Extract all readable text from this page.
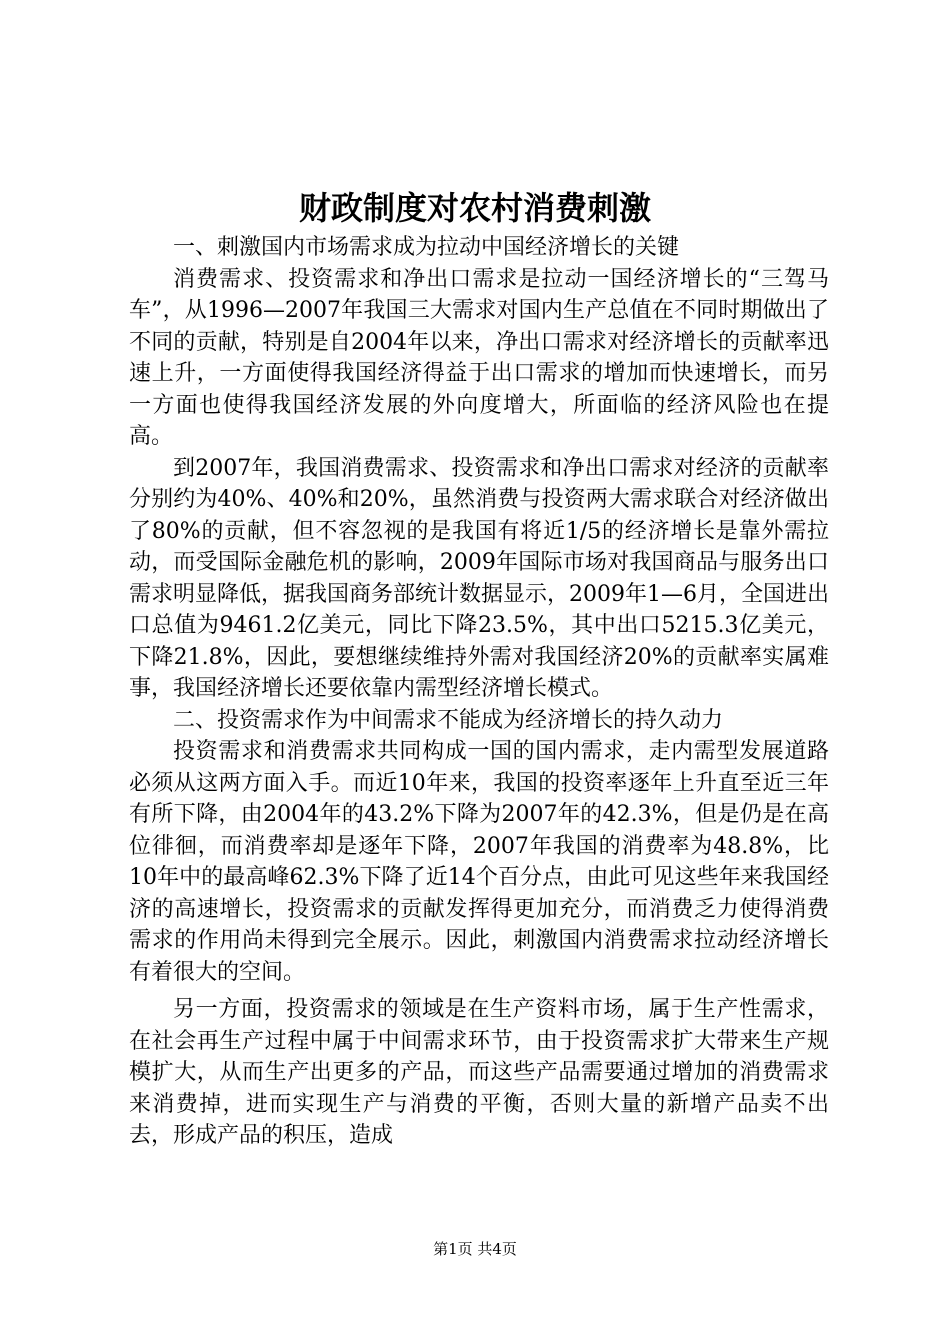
财政制度对农村消费刺激

一、刺激国内市场需求成为拉动中国经济增长的关键

消费需求、投资需求和净出口需求是拉动一国经济增长的“三驾马车”，从1996—2007年我国三大需求对国内生产总值在不同时期做出了不同的贡献，特别是自2004年以来，净出口需求对经济增长的贡献率迅速上升，一方面使得我国经济得益于出口需求的增加而快速增长，而另一方面也使得我国经济发展的外向度增大，所面临的经济风险也在提高。

到2007年，我国消费需求、投资需求和净出口需求对经济的贡献率分别约为40%、40%和20%，虽然消费与投资两大需求联合对经济做出了80%的贡献，但不容忽视的是我国有将近1/5的经济增长是靠外需拉动，而受国际金融危机的影响，2009年国际市场对我国商品与服务出口需求明显降低，据我国商务部统计数据显示，2009年1—6月，全国进出口总值为9461.2亿美元，同比下降23.5%，其中出口5215.3亿美元，下降21.8%，因此，要想继续维持外需对我国经济20%的贡献率实属难事，我国经济增长还要依靠内需型经济增长模式。

二、投资需求作为中间需求不能成为经济增长的持久动力

投资需求和消费需求共同构成一国的国内需求，走内需型发展道路必须从这两方面入手。而近10年来，我国的投资率逐年上升直至近三年有所下降，由2004年的43.2%下降为2007年的42.3%，但是仍是在高位徘徊，而消费率却是逐年下降，2007年我国的消费率为48.8%，比10年中的最高峰62.3%下降了近14个百分点，由此可见这些年来我国经济的高速增长，投资需求的贡献发挥得更加充分，而消费乏力使得消费需求的作用尚未得到完全展示。因此，刺激国内消费需求拉动经济增长有着很大的空间。

另一方面，投资需求的领域是在生产资料市场，属于生产性需求，在社会再生产过程中属于中间需求环节，由于投资需求扩大带来生产规模扩大，从而生产出更多的产品，而这些产品需要通过增加的消费需求来消费掉，进而实现生产与消费的平衡，否则大量的新增产品卖不出去，形成产品的积压，造成

第1页 共4页
